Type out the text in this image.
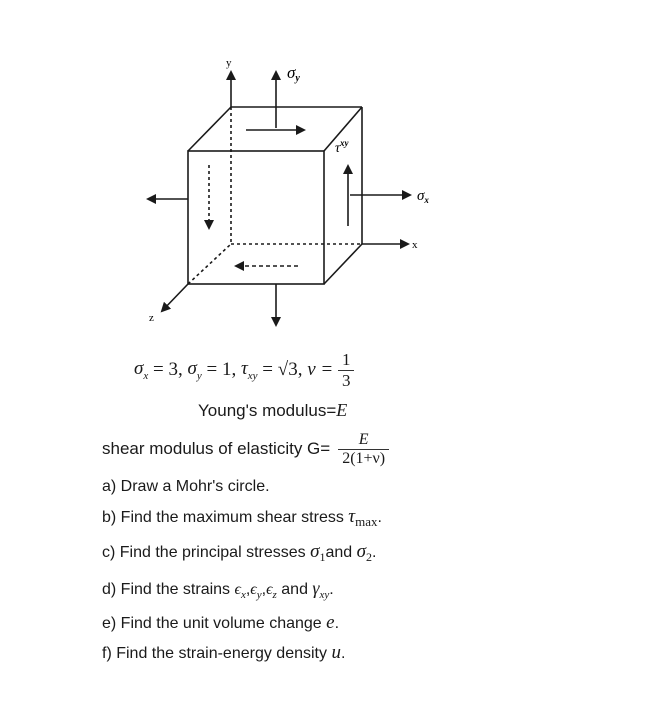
y
x
z
σy
$\tau^{xy}$
$\sigma_x$
$\sigma_x = 3$, $\sigma_y = 1$, $\tau_{xy} = √3$, $\nu = \frac{1}{3}$
Young's modulus=E
shear modulus of elasticity $G= \frac{E}{2(1+\nu)}$
a) Draw a Mohr's circle.
b) Find the maximum shear stress $\tau_{max}$.
c) Find the principal stresses $\sigma_1and$ $\sigma_2$.
d) Find the strains $\epsilon_x,\epsilon_y,\epsilon_z$ and $\gamma_{xy}$.
e) Find the unit volume change e.
f) Find the strain-energy density u.
